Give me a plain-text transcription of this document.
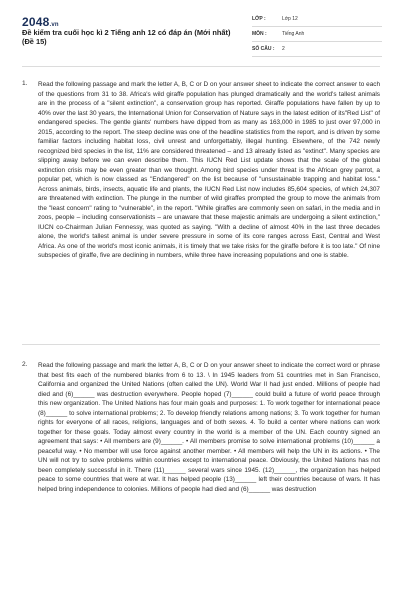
2048.vn
Đề kiểm tra cuối học kì 2 Tiếng anh 12 có đáp án (Mới nhất) (Đề 15)
LỚP :	Lớp 12
MÔN :	Tiếng Anh
SỐ CÂU : 2
1. Read the following passage and mark the letter A, B, C or D on your answer sheet to indicate the correct answer to each of the questions from 31 to 38. Africa's wild giraffe population has plunged dramatically and the world's tallest animals are in the process of a "silent extinction", a conservation group has reported. Giraffe populations have fallen by up to 40% over the last 30 years, the International Union for Conservation of Nature says in the latest edition of its"Red List" of endangered species. The gentle giants' numbers have dipped from as many as 163,000 in 1985 to just over 97,000 in 2015, according to the report. The steep decline was one of the headline statistics from the report, and is driven by some familiar factors including habitat loss, civil unrest and unforgettably, illegal hunting. Elsewhere, of the 742 newly recognized bird species in the list, 11% are considered threatened – and 13 already listed as "extinct". Many species are slipping away before we can even describe them. This IUCN Red List update shows that the scale of the global extinction crisis may be even greater than we thought. Among bird species under threat is the African grey parrot, a popular pet, which is now classed as "Endangered" on the list because of "unsustainable trapping and habitat loss." Across animals, birds, insects, aquatic life and plants, the IUCN Red List now includes 85,604 species, of which 24,307 are threatened with extinction. The plunge in the number of wild giraffes prompted the group to move the animals from the "least concern" rating to "vulnerable", in the report. "While giraffes are commonly seen on safari, in the media and in zoos, people – including conservationists – are unaware that these majestic animals are undergoing a silent extinction," IUCN co-Chairman Julian Fennessy, was quoted as saying. "With a decline of almost 40% in the last three decades alone, the world's tallest animal is under severe pressure in some of its core ranges across East, Central and West Africa. As one of the world's most iconic animals, it is timely that we take risks for the giraffe before it is too late." Of nine subspecies of giraffe, five are declining in numbers, while three have increasing populations and one is stable.
2. Read the following passage and mark the letter A, B, C or D on your answer sheet to indicate the correct word or phrase that best fits each of the numbered blanks from 6 to 13. \ In 1945 leaders from 51 countries met in San Francisco, California and organized the United Nations (often called the UN). World War II had just ended. Millions of people had died and (6)______ was destruction everywhere. People hoped (7)______ could build a future of world peace through this new organization. The United Nations has four main goals and purposes: 1. To work together for international peace (8)______ to solve international problems; 2. To develop friendly relations among nations; 3. To work together for human rights for everyone of all races, religions, languages and of both sexes. 4. To build a center where nations can work together for these goals. Today almost every country in the world is a member of the UN. Each country signed an agreement that says: • All members are (9)______. • All members promise to solve international problems (10)______ a peaceful way. • No member will use force against another member. • All members will help the UN in its actions. • The UN will not try to solve problems within countries except to international peace. Obviously, the United Nations has not been completely successful in it. There (11)______ several wars since 1945. (12)______, the organization has helped peace to some countries that were at war. It has helped people (13)______ left their countries because of wars. It has helped bring independence to colonies. Millions of people had died and (6)______ was destruction
